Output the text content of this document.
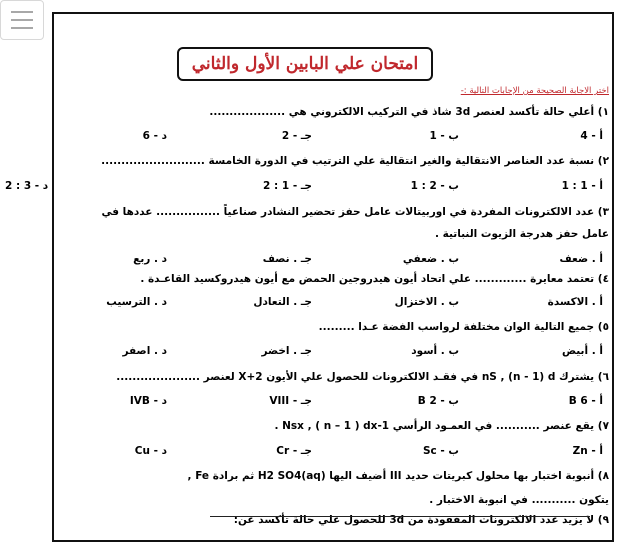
امتحان علي البابين الأول والثاني
اختر الاجابة الصحيحة من الإجابات التالية :-
١) أعلي حالة تأكسد لعنصر 3d شاذ في التركيب الالكتروني هي ...................
أ - 4
ب - 1
جـ - 2
د - 6
٢) نسبة عدد العناصر الانتقالية والغير انتقالية علي الترتيب في الدورة الخامسة ..........................
أ - 1 : 1
ب - 2 : 1
جـ - 1 : 2
د - 3 : 2
٣) عدد الالكترونات المفردة في اوربيتالات عامل حفز تحضير النشادر صناعياً ................ عددها في
عامل حفز هدرجة الزيوت النباتية .
أ . ضعف
ب . ضعفي
جـ . نصف
د . ربع
٤) تعتمد معايرة ............. علي اتحاد أيون هيدروجين الحمض مع أيون هيدروكسيد القاعـدة .
أ . الاكسدة
ب . الاختزال
جـ . التعادل
د . الترسيب
٥) جميع التالية الوان مختلفة لرواسب الفضة عـدا .........
أ . أبيض
ب . أسود
جـ . اخضر
د . اصفر
٦) يشترك nS , (n - 1) d في فقـد الالكترونات للحصول علي الأيون X+2 لعنصر .....................
أ - 6 B
ب - 2 B
جـ - VIII
د - IVB
٧) يقع عنصر ........... في العمـود الرأسي Nsx , ( n – 1 ) dx-1 .
أ - Zn
ب - Sc
جـ - Cr
د - Cu
٨) أنبوبة اختبار بها محلول كبريتات حديد III أضيف اليها H2 SO4(aq) ثم برادة Fe ,
يتكون ........... في انبوبة الاختبار .
٩) لا يزيد عدد الالكترونات المفقودة من 3d للحصول علي حالة تأكسد عن:
